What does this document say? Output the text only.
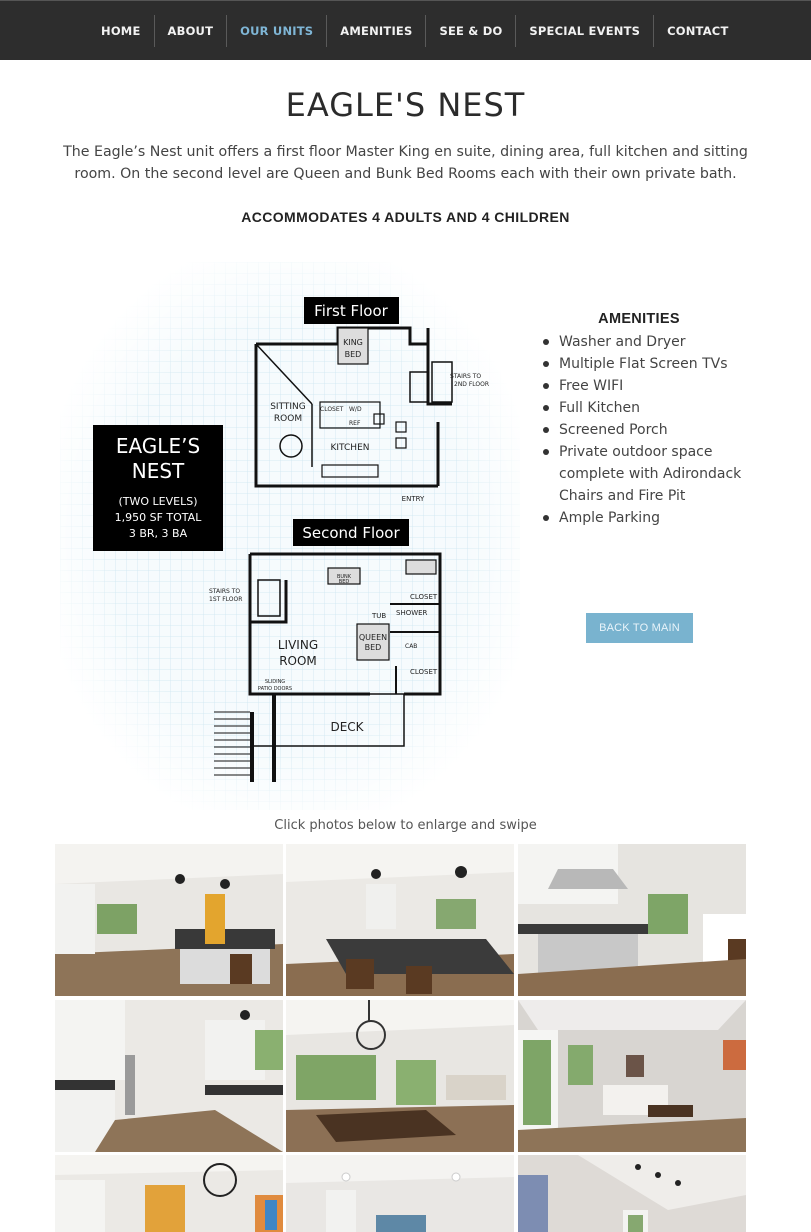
HOME	ABOUT	OUR UNITS	AMENITIES	SEE & DO	SPECIAL EVENTS	CONTACT
EAGLE'S NEST

The Eagle’s Nest unit offers a first floor Master King en suite, dining area, full kitchen and sitting room. On the second level are Queen and Bunk Bed Rooms each with their own private bath.

ACCOMMODATES 4 ADULTS AND 4 CHILDREN

First Floor
KING
BED
STAIRS TO
2ND FLOOR
SITTING
ROOM
CLOSET W/D
REF
KITCHEN
ENTRY
EAGLE’S
NEST
(TWO LEVELS)
1,950 SF TOTAL
3 BR, 3 BA	Second Floor
BUNK
BED
STAIRS TO
1ST FLOOR	CLOSET
TUB SHOWER
QUEEN
BED	CAB
CLOSET
LIVING
ROOM
SLIDING
PATIO DOORS
DECK
AMENITIES
Washer and Dryer
Multiple Flat Screen TVs
Free WIFI
Full Kitchen
Screened Porch
Private outdoor space complete with Adirondack Chairs and Fire Pit
Ample Parking
BACK TO MAIN
Click photos below to enlarge and swipe
